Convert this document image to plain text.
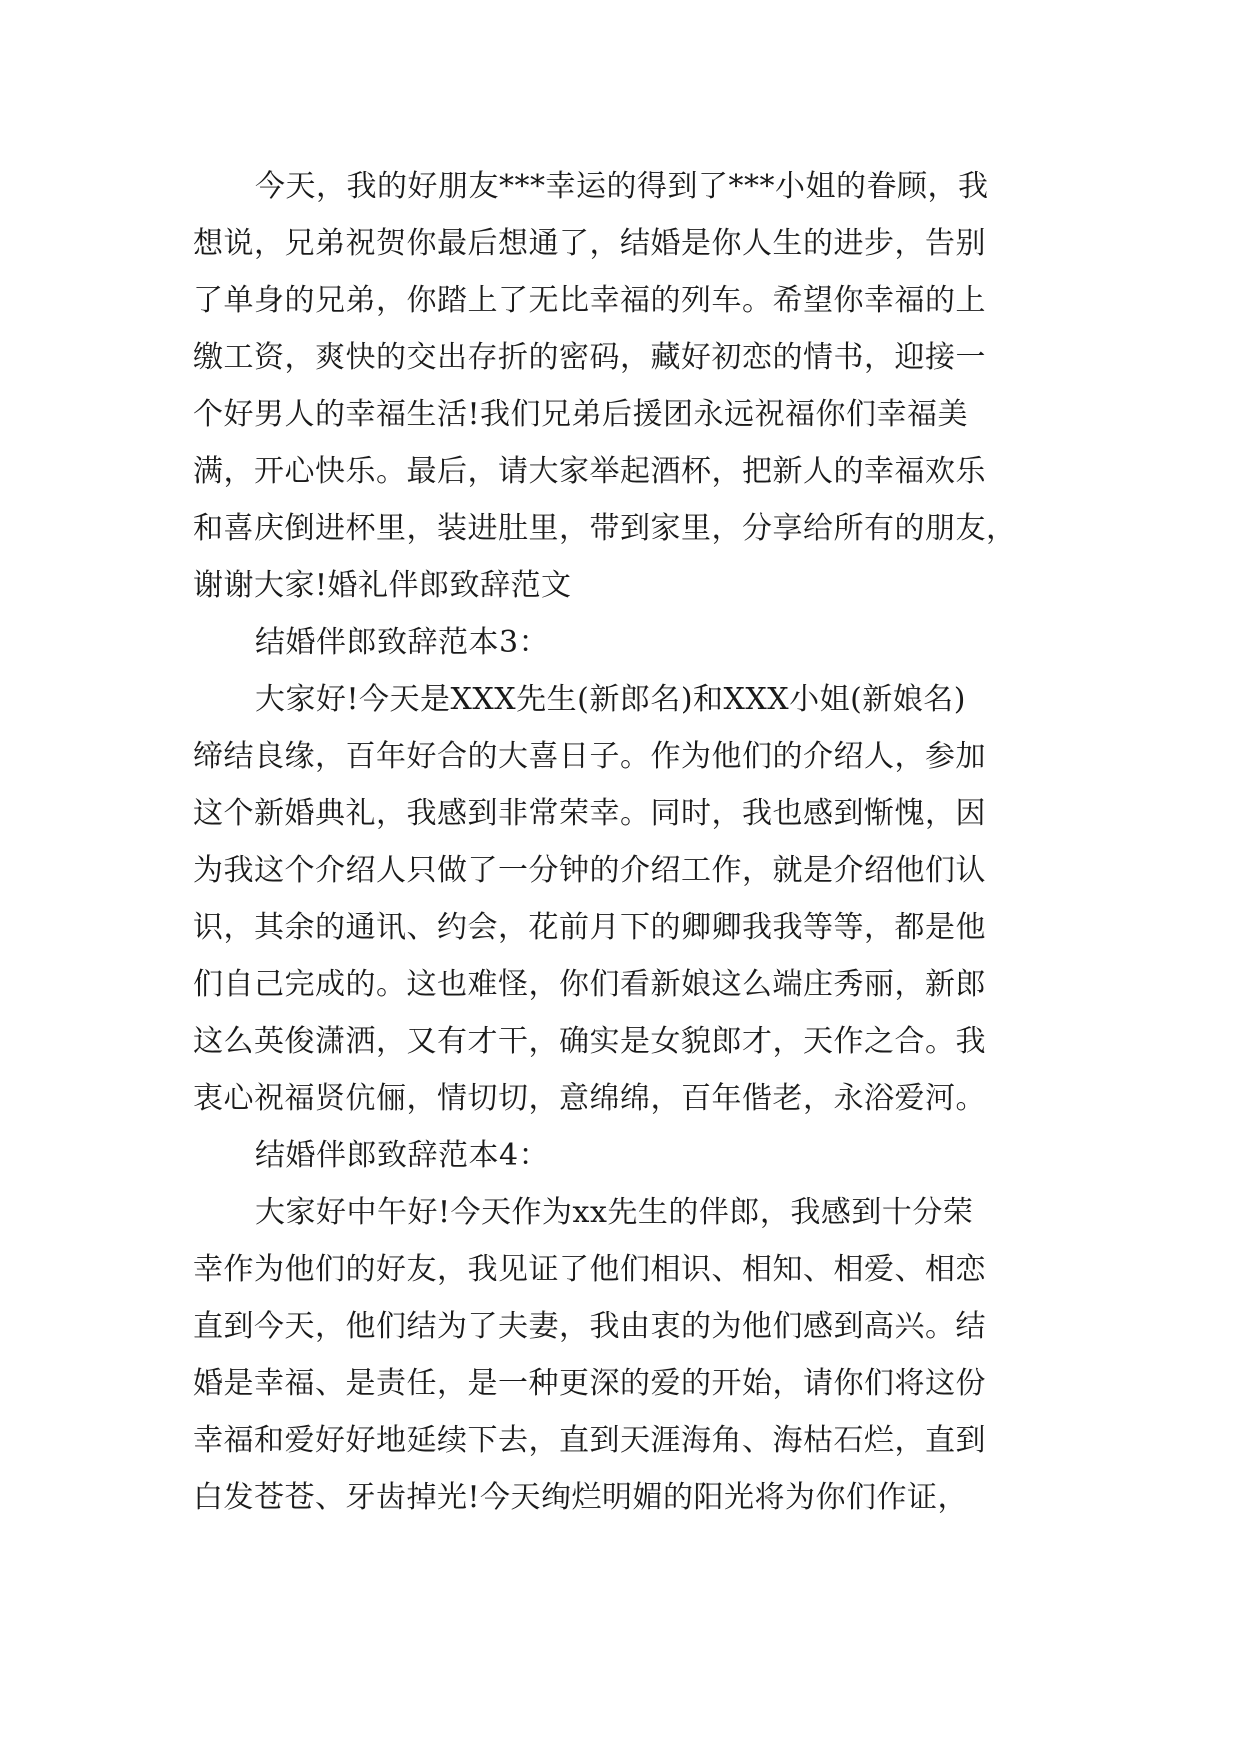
今天，我的好朋友***幸运的得到了***小姐的眷顾，我
想说，兄弟祝贺你最后想通了，结婚是你人生的进步，告别
了单身的兄弟，你踏上了无比幸福的列车。希望你幸福的上
缴工资，爽快的交出存折的密码，藏好初恋的情书，迎接一
个好男人的幸福生活!我们兄弟后援团永远祝福你们幸福美
满，开心快乐。最后，请大家举起酒杯，把新人的幸福欢乐
和喜庆倒进杯里，装进肚里，带到家里，分享给所有的朋友，
谢谢大家!婚礼伴郎致辞范文
结婚伴郎致辞范本3：
大家好!今天是XXX先生(新郎名)和XXX小姐(新娘名)
缔结良缘，百年好合的大喜日子。作为他们的介绍人，参加
这个新婚典礼，我感到非常荣幸。同时，我也感到惭愧，因
为我这个介绍人只做了一分钟的介绍工作，就是介绍他们认
识，其余的通讯、约会，花前月下的卿卿我我等等，都是他
们自己完成的。这也难怪，你们看新娘这么端庄秀丽，新郎
这么英俊潇洒，又有才干，确实是女貌郎才，天作之合。我
衷心祝福贤伉俪，情切切，意绵绵，百年偕老，永浴爱河。
结婚伴郎致辞范本4：
大家好中午好!今天作为xx先生的伴郎，我感到十分荣
幸作为他们的好友，我见证了他们相识、相知、相爱、相恋
直到今天，他们结为了夫妻，我由衷的为他们感到高兴。结
婚是幸福、是责任，是一种更深的爱的开始，请你们将这份
幸福和爱好好地延续下去，直到天涯海角、海枯石烂，直到
白发苍苍、牙齿掉光!今天绚烂明媚的阳光将为你们作证，
